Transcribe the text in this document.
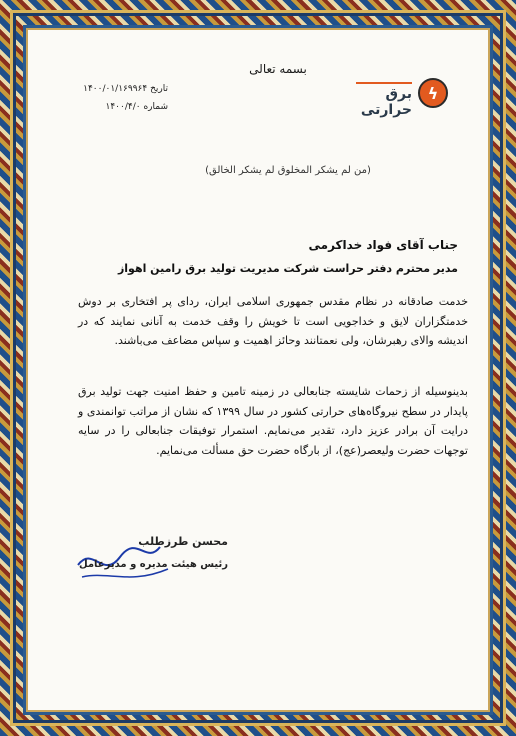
بسمه تعالی
تاریخ ۱۴۰۰/۰۱/۱۶۹۹۶۴
شماره ۱۴۰۰/۴/۰
برق حرارتی
ϟ
(من لم یشکر المخلوق لم یشکر الخالق)
جناب آقای فواد خداکرمی
مدیر محترم دفتر حراست شرکت مدیریت تولید برق رامین اهواز
خدمت صادقانه در نظام مقدس جمهوری اسلامی ایران، ردای پر افتخاری بر دوش خدمتگزاران لایق و خداجویی است تا خویش را وقف خدمت به آنانی نمایند که در اندیشه والای رهبرشان، ولی نعمتانند وحائز اهمیت و سپاس مضاعف می‌باشند.
بدینوسیله از زحمات شایسته جنابعالی در زمینه تامین و حفظ امنیت جهت تولید برق پایدار در سطح نیروگاه‌های حرارتی کشور در سال ۱۳۹۹ که نشان از مراتب توانمندی و درایت آن برادر عزیز دارد، تقدیر می‌نمایم. استمرار توفیقات جنابعالی را در سایه توجهات حضرت ولیعصر(عج)، از بارگاه حضرت حق مسألت می‌نمایم.
محسن طرزطلب
رئیس هیئت مدیره و مدیرعامل
